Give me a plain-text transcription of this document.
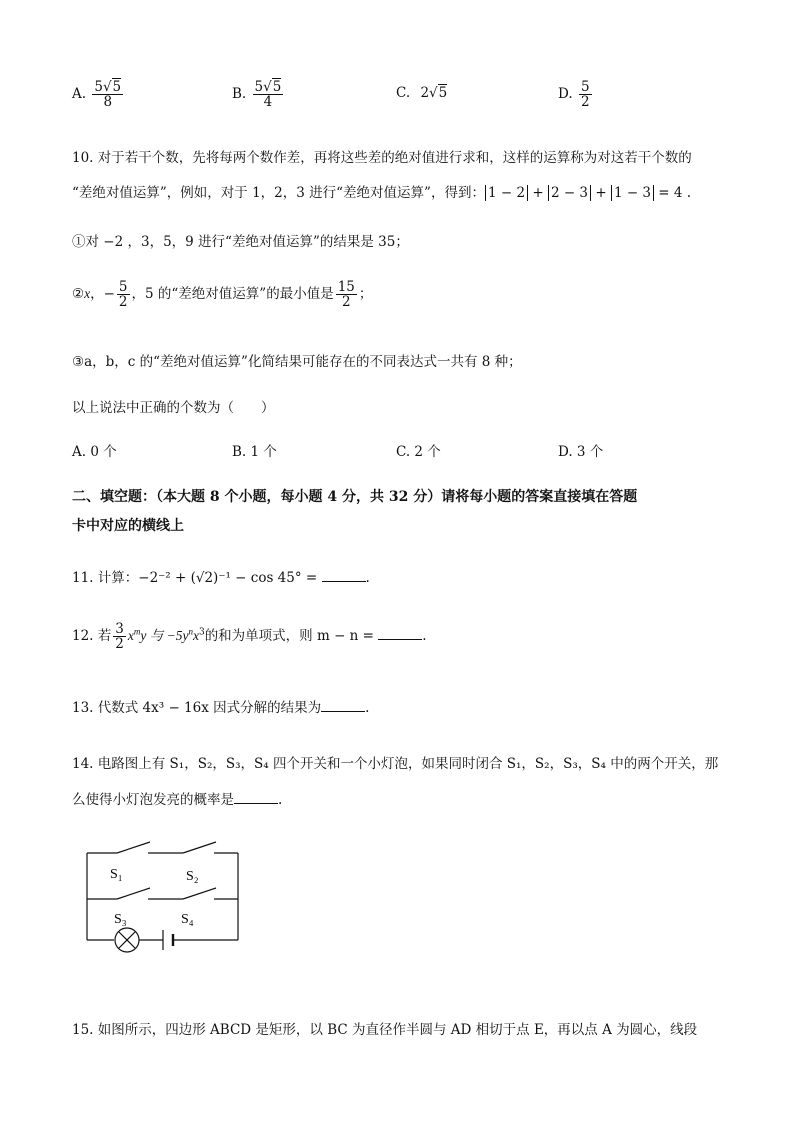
A. $\frac{5√5}{8}$	B. $\frac{5√5}{4}$	C. 2√5	D. $\frac{5}{2}$
10. 对于若干个数，先将每两个数作差，再将这些差的绝对值进行求和，这样的运算称为对这若干个数的
“差绝对值运算”，例如，对于 1，2，3 进行“差绝对值运算”，得到： 1 − 2 + 2 − 3 + 1 − 3 = 4 .
①对 −2 ，3，5，9 进行“差绝对值运算”的结果是 35；
②x，− $\frac{5}{2}$ ，5 的“差绝对值运算”的最小值是 $\frac{15}{2}$ ；
③a，b，c 的“差绝对值运算”化简结果可能存在的不同表达式一共有 8 种；
以上说法中正确的个数为（　　）
A. 0 个	B. 1 个	C. 2 个	D. 3 个
二、填空题：（本大题 8 个小题，每小题 4 分，共 32 分）请将每小题的答案直接填在答题
卡中对应的横线上
11. 计算：−2⁻² + (√2)⁻¹ − cos 45° =	.
12. 若 $\frac{3}{2} x^my$ 与 $-5y^nx^3$的和为单项式，则 m − n =	.
13. 代数式 4x³ − 16x 因式分解的结果为	.
14. 电路图上有 S₁，S₂，S₃，S₄ 四个开关和一个小灯泡，如果同时闭合 S₁，S₂，S₃，S₄ 中的两个开关，那
么使得小灯泡发亮的概率是	.
S₁	S₂
S₃	S₄
15. 如图所示，四边形 ABCD 是矩形，以 BC 为直径作半圆与 AD 相切于点 E，再以点 A 为圆心，线段
